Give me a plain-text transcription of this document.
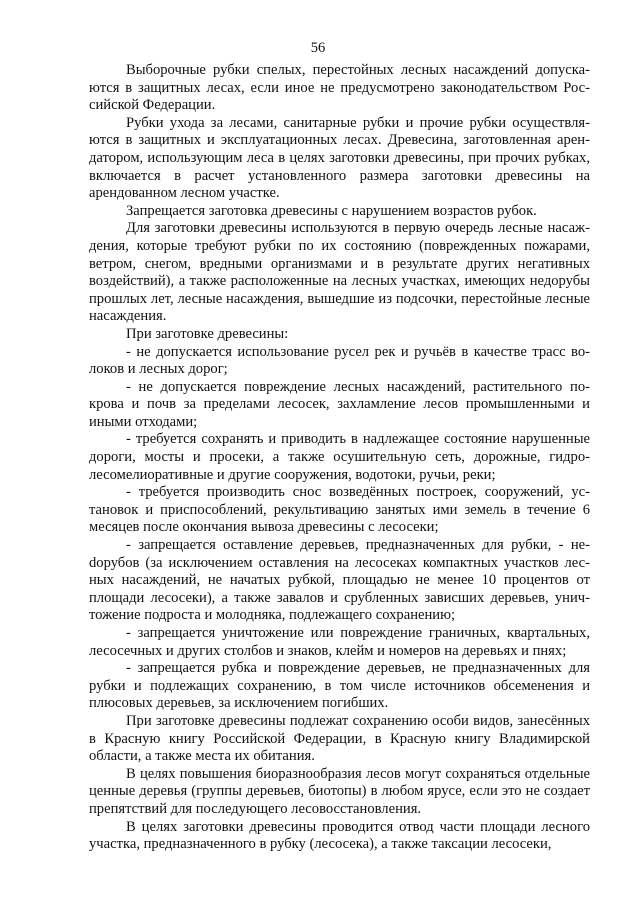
56

Выборочные рубки спелых, перестойных лесных насаждений допускаются в защитных лесах, если иное не предусмотрено законодательством Российской Федерации.

Рубки ухода за лесами, санитарные рубки и прочие рубки осуществляются в защитных и эксплуатационных лесах. Древесина, заготовленная арендатором, использующим леса в целях заготовки древесины, при прочих рубках, включается в расчет установленного размера заготовки древесины на арендованном лесном участке.

Запрещается заготовка древесины с нарушением возрастов рубок.

Для заготовки древесины используются в первую очередь лесные насаждения, которые требуют рубки по их состоянию (поврежденных пожарами, ветром, снегом, вредными организмами и в результате других негативных воздействий), а также расположенные на лесных участках, имеющих недорубы прошлых лет, лесные насаждения, вышедшие из подсочки, перестойные лесные насаждения.

При заготовке древесины:

- не допускается использование русел рек и ручьёв в качестве трасс волоков и лесных дорог;

- не допускается повреждение лесных насаждений, растительного покрова и почв за пределами лесосек, захламление лесов промышленными и иными отходами;

- требуется сохранять и приводить в надлежащее состояние нарушенные дороги, мосты и просеки, а также осушительную сеть, дорожные, гидролесомелиоративные и другие сооружения, водотоки, ручьи, реки;

- требуется производить снос возведённых построек, сооружений, установок и приспособлений, рекультивацию занятых ими земель в течение 6 месяцев после окончания вывоза древесины с лесосеки;

- запрещается оставление деревьев, предназначенных для рубки, - неdорубов (за исключением оставления на лесосеках компактных участков лесных насаждений, не начатых рубкой, площадью не менее 10 процентов от площади лесосеки), а также завалов и срубленных зависших деревьев, уничтожение подроста и молодняка, подлежащего сохранению;

- запрещается уничтожение или повреждение граничных, квартальных, лесосечных и других столбов и знаков, клейм и номеров на деревьях и пнях;

- запрещается рубка и повреждение деревьев, не предназначенных для рубки и подлежащих сохранению, в том числе источников обсеменения и плюсовых деревьев, за исключением погибших.

При заготовке древесины подлежат сохранению особи видов, занесённых в Красную книгу Российской Федерации, в Красную книгу Владимирской области, а также места их обитания.

В целях повышения биоразнообразия лесов могут сохраняться отдельные ценные деревья (группы деревьев, биотопы) в любом ярусе, если это не создает препятствий для последующего лесовосстановления.

В целях заготовки древесины проводится отвод части площади лесного участка, предназначенного в рубку (лесосека), а также таксации лесосеки,
